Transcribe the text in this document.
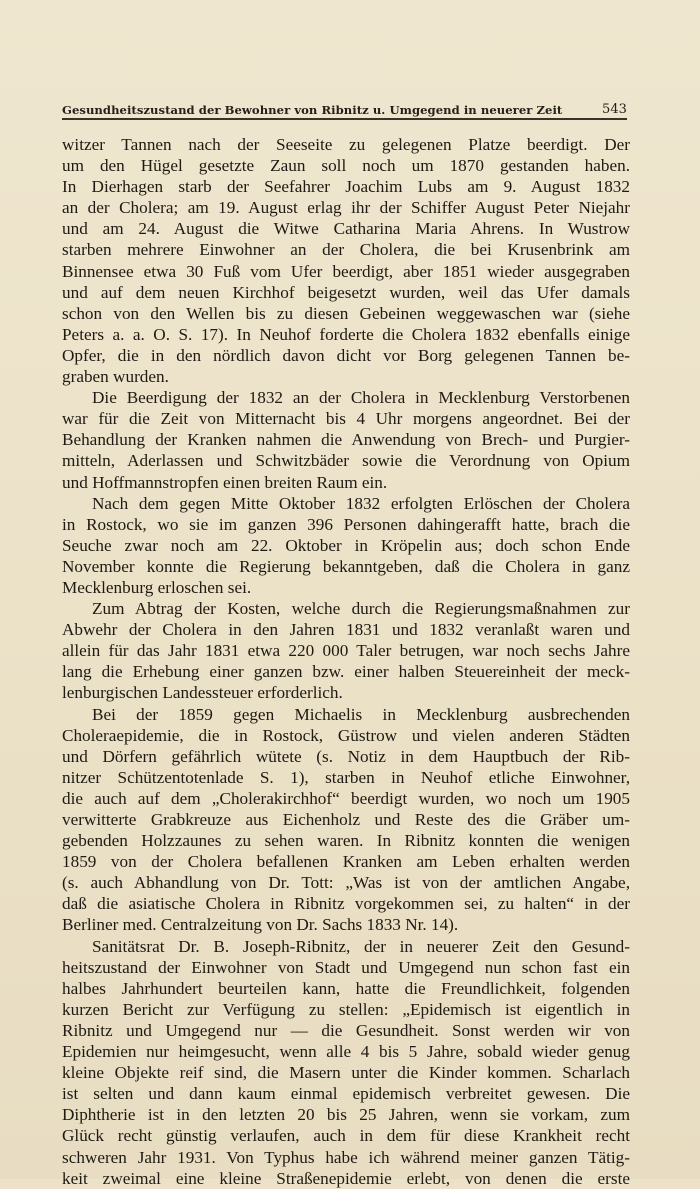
Gesundheitszustand der Bewohner von Ribnitz u. Umgegend in neuerer Zeit	543
witzer Tannen nach der Seeseite zu gelegenen Platze beerdigt. Der
um den Hügel gesetzte Zaun soll noch um 1870 gestanden haben.
In Dierhagen starb der Seefahrer Joachim Lubs am 9. August 1832
an der Cholera; am 19. August erlag ihr der Schiffer August Peter Niejahr
und am 24. August die Witwe Catharina Maria Ahrens. In Wustrow
starben mehrere Einwohner an der Cholera, die bei Krusenbrink am
Binnensee etwa 30 Fuß vom Ufer beerdigt, aber 1851 wieder ausgegraben
und auf dem neuen Kirchhof beigesetzt wurden, weil das Ufer damals
schon von den Wellen bis zu diesen Gebeinen weggewaschen war (siehe
Peters a. a. O. S. 17). In Neuhof forderte die Cholera 1832 ebenfalls einige
Opfer, die in den nördlich davon dicht vor Borg gelegenen Tannen be-
graben wurden.
Die Beerdigung der 1832 an der Cholera in Mecklenburg Verstorbenen
war für die Zeit von Mitternacht bis 4 Uhr morgens angeordnet. Bei der
Behandlung der Kranken nahmen die Anwendung von Brech- und Purgier-
mitteln, Aderlassen und Schwitzbäder sowie die Verordnung von Opium
und Hoffmannstropfen einen breiten Raum ein.
Nach dem gegen Mitte Oktober 1832 erfolgten Erlöschen der Cholera
in Rostock, wo sie im ganzen 396 Personen dahingerafft hatte, brach die
Seuche zwar noch am 22. Oktober in Kröpelin aus; doch schon Ende
November konnte die Regierung bekanntgeben, daß die Cholera in ganz
Mecklenburg erloschen sei.
Zum Abtrag der Kosten, welche durch die Regierungsmaßnahmen zur
Abwehr der Cholera in den Jahren 1831 und 1832 veranlaßt waren und
allein für das Jahr 1831 etwa 220 000 Taler betrugen, war noch sechs Jahre
lang die Erhebung einer ganzen bzw. einer halben Steuereinheit der meck-
lenburgischen Landessteuer erforderlich.
Bei der 1859 gegen Michaelis in Mecklenburg ausbrechenden
Choleraepidemie, die in Rostock, Güstrow und vielen anderen Städten
und Dörfern gefährlich wütete (s. Notiz in dem Hauptbuch der Rib-
nitzer Schützentotenlade S. 1), starben in Neuhof etliche Einwohner,
die auch auf dem „Cholerakirchhof“ beerdigt wurden, wo noch um 1905
verwitterte Grabkreuze aus Eichenholz und Reste des die Gräber um-
gebenden Holzzaunes zu sehen waren. In Ribnitz konnten die wenigen
1859 von der Cholera befallenen Kranken am Leben erhalten werden
(s. auch Abhandlung von Dr. Tott: „Was ist von der amtlichen Angabe,
daß die asiatische Cholera in Ribnitz vorgekommen sei, zu halten“ in der
Berliner med. Centralzeitung von Dr. Sachs 1833 Nr. 14).
Sanitätsrat Dr. B. Joseph-Ribnitz, der in neuerer Zeit den Gesund-
heitszustand der Einwohner von Stadt und Umgegend nun schon fast ein
halbes Jahrhundert beurteilen kann, hatte die Freundlichkeit, folgenden
kurzen Bericht zur Verfügung zu stellen: „Epidemisch ist eigentlich in
Ribnitz und Umgegend nur — die Gesundheit. Sonst werden wir von
Epidemien nur heimgesucht, wenn alle 4 bis 5 Jahre, sobald wieder genug
kleine Objekte reif sind, die Masern unter die Kinder kommen. Scharlach
ist selten und dann kaum einmal epidemisch verbreitet gewesen. Die
Diphtherie ist in den letzten 20 bis 25 Jahren, wenn sie vorkam, zum
Glück recht günstig verlaufen, auch in dem für diese Krankheit recht
schweren Jahr 1931. Von Typhus habe ich während meiner ganzen Tätig-
keit zweimal eine kleine Straßenepidemie erlebt, von denen die erste
